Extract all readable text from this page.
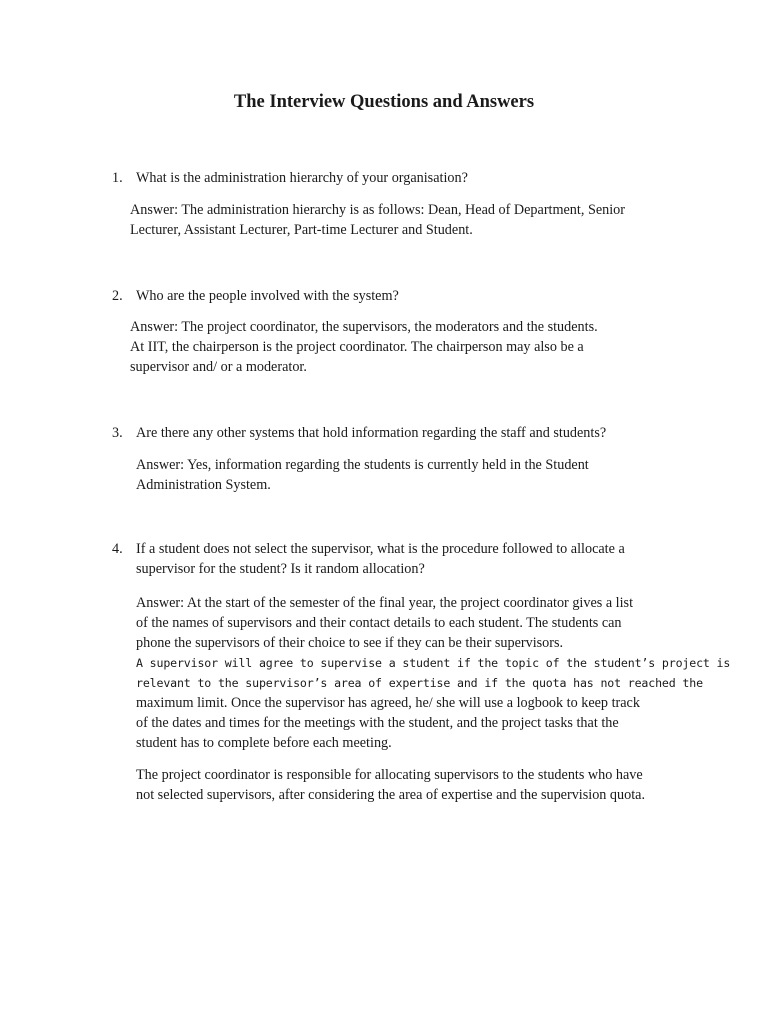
The Interview Questions and Answers
1. What is the administration hierarchy of your organisation?
Answer: The administration hierarchy is as follows: Dean, Head of Department, Senior
Lecturer, Assistant Lecturer, Part-time Lecturer and Student.
2. Who are the people involved with the system?
Answer: The project coordinator, the supervisors, the moderators and the students.
At IIT, the chairperson is the project coordinator. The chairperson may also be a
supervisor and/ or a moderator.
3. Are there any other systems that hold information regarding the staff and students?
Answer: Yes, information regarding the students is currently held in the Student
Administration System.
4. If a student does not select the supervisor, what is the procedure followed to allocate a
supervisor for the student? Is it random allocation?
Answer: At the start of the semester of the final year, the project coordinator gives a list
of the names of supervisors and their contact details to each student. The students can
phone the supervisors of their choice to see if they can be their supervisors.
A supervisor will agree to supervise a student if the topic of the student’s project is
relevant to the supervisor’s area of expertise and if the quota has not reached the
maximum limit. Once the supervisor has agreed, he/ she will use a logbook to keep track
of the dates and times for the meetings with the student, and the project tasks that the
student has to complete before each meeting.
The project coordinator is responsible for allocating supervisors to the students who have
not selected supervisors, after considering the area of expertise and the supervision quota.
